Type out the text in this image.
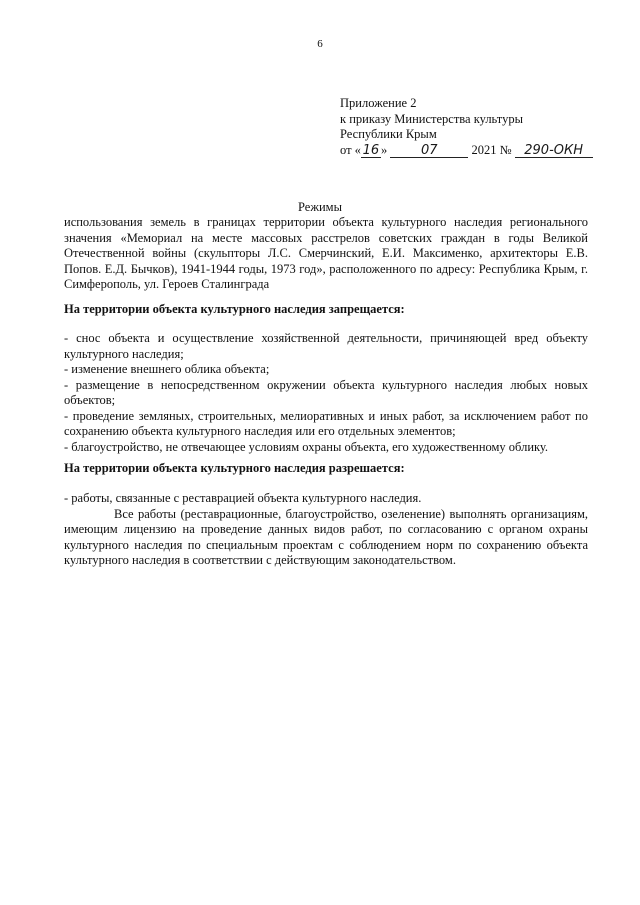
6
Приложение 2
к приказу Министерства культуры
Республики Крым
от « 16 »	07	2021 № 290-ОКН
Режимы
использования земель в границах территории объекта культурного наследия регионального значения «Мемориал на месте массовых расстрелов советских граждан в годы Великой Отечественной войны (скульпторы Л.С. Смерчинский, Е.И. Максименко, архитекторы Е.В. Попов. Е.Д. Бычков), 1941-1944 годы, 1973 год», расположенного по адресу: Республика Крым, г. Симферополь, ул. Героев Сталинграда
На территории объекта культурного наследия запрещается:

- снос объекта и осуществление хозяйственной деятельности, причиняющей вред объекту культурного наследия;

- изменение внешнего облика объекта;

- размещение в непосредственном окружении объекта культурного наследия любых новых объектов;

- проведение земляных, строительных, мелиоративных и иных работ, за исключением работ по сохранению объекта культурного наследия или его отдельных элементов;

- благоустройство, не отвечающее условиям охраны объекта, его художественному облику.

На территории объекта культурного наследия разрешается:

- работы, связанные с реставрацией объекта культурного наследия.

Все работы (реставрационные, благоустройство, озеленение) выполнять организациям, имеющим лицензию на проведение данных видов работ, по согласованию с органом охраны культурного наследия по специальным проектам с соблюдением норм по сохранению объекта культурного наследия в соответствии с действующим законодательством.
